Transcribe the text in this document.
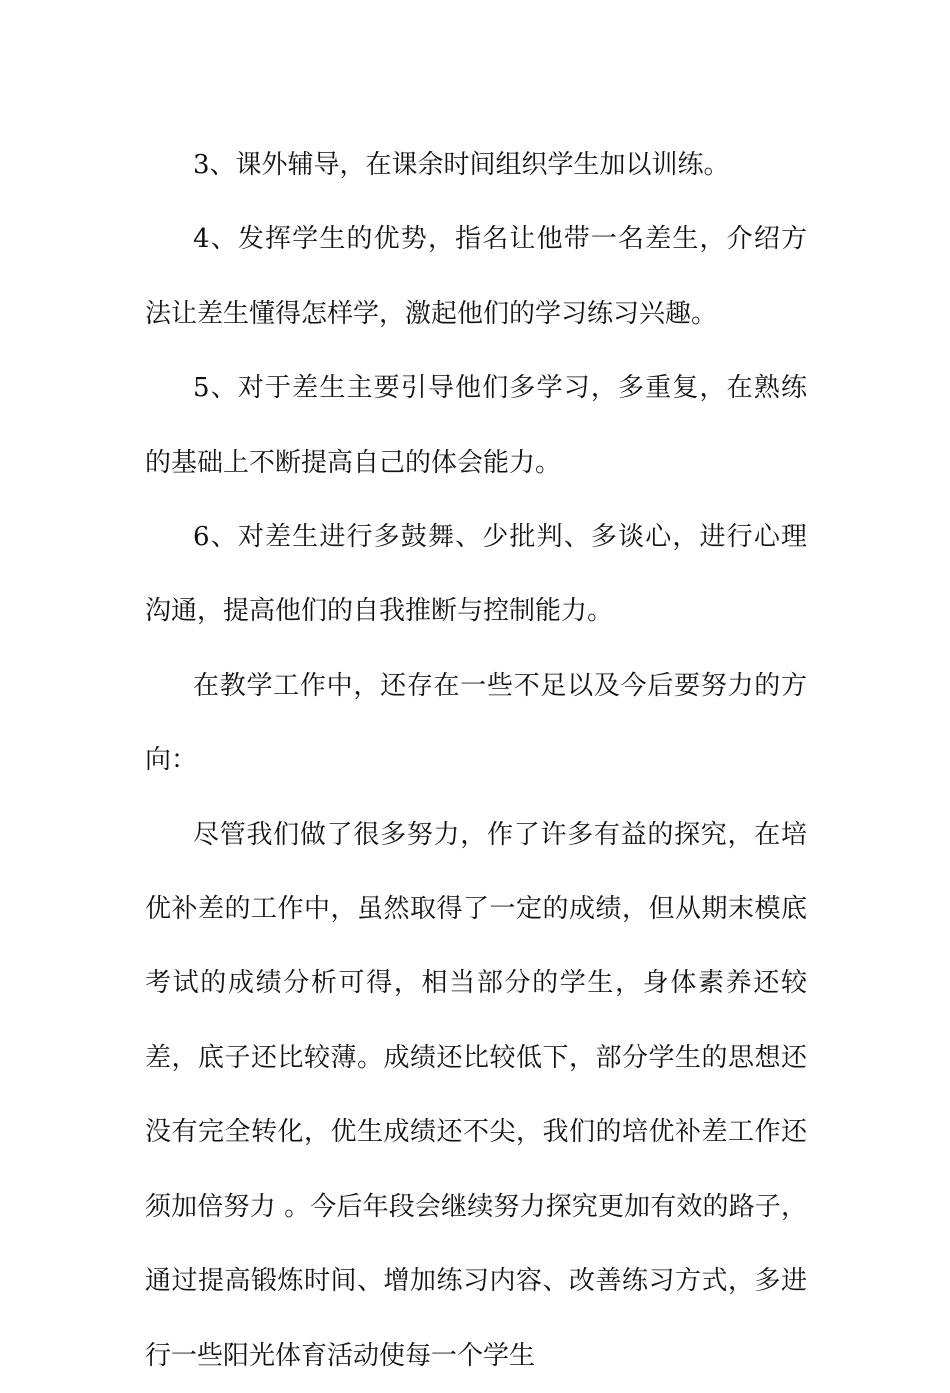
3、课外辅导，在课余时间组织学生加以训练。

4、发挥学生的优势，指名让他带一名差生，介绍方法让差生懂得怎样学，激起他们的学习练习兴趣。

5、对于差生主要引导他们多学习，多重复，在熟练的基础上不断提高自己的体会能力。

6、对差生进行多鼓舞、少批判、多谈心，进行心理沟通，提高他们的自我推断与控制能力。

在教学工作中，还存在一些不足以及今后要努力的方向：

尽管我们做了很多努力，作了许多有益的探究，在培优补差的工作中，虽然取得了一定的成绩，但从期末模底考试的成绩分析可得，相当部分的学生，身体素养还较差，底子还比较薄。成绩还比较低下，部分学生的思想还没有完全转化，优生成绩还不尖，我们的培优补差工作还须加倍努力 。今后年段会继续努力探究更加有效的路子，通过提高锻炼时间、增加练习内容、改善练习方式，多进行一些阳光体育活动使每一个学生
